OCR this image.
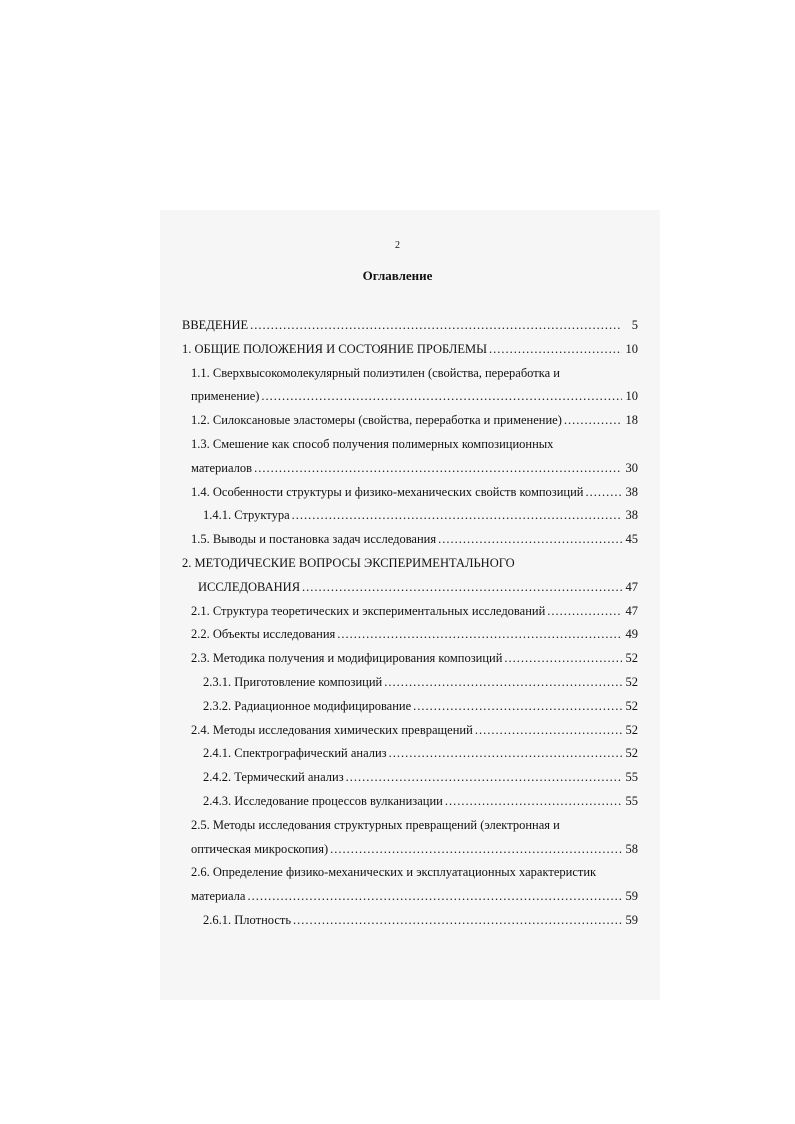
2
Оглавление
ВВЕДЕНИЕ .....	5
1. ОБЩИЕ ПОЛОЖЕНИЯ И СОСТОЯНИЕ ПРОБЛЕМЫ .....	10
1.1. Сверхвысокомолекулярный полиэтилен (свойства, переработка и
применение) .....	10
1.2. Силоксановые эластомеры (свойства, переработка и применение) .....	18
1.3. Смешение как способ получения полимерных композиционных
материалов .....	30
1.4. Особенности структуры и физико-механических свойств композиций .....	38
1.4.1. Структура .....	38
1.5. Выводы и постановка задач исследования .....	45
2. МЕТОДИЧЕСКИЕ ВОПРОСЫ ЭКСПЕРИМЕНТАЛЬНОГО
ИССЛЕДОВАНИЯ .....	47
2.1. Структура теоретических и экспериментальных исследований .....	47
2.2. Объекты исследования .....	49
2.3. Методика получения и модифицирования композиций .....	52
2.3.1. Приготовление композиций .....	52
2.3.2. Радиационное модифицирование .....	52
2.4. Методы исследования химических превращений .....	52
2.4.1. Спектрографический анализ .....	52
2.4.2. Термический анализ .....	55
2.4.3. Исследование процессов вулканизации .....	55
2.5. Методы исследования структурных превращений (электронная и
оптическая микроскопия) .....	58
2.6. Определение физико-механических и эксплуатационных характеристик
материала .....	59
2.6.1. Плотность .....	59
